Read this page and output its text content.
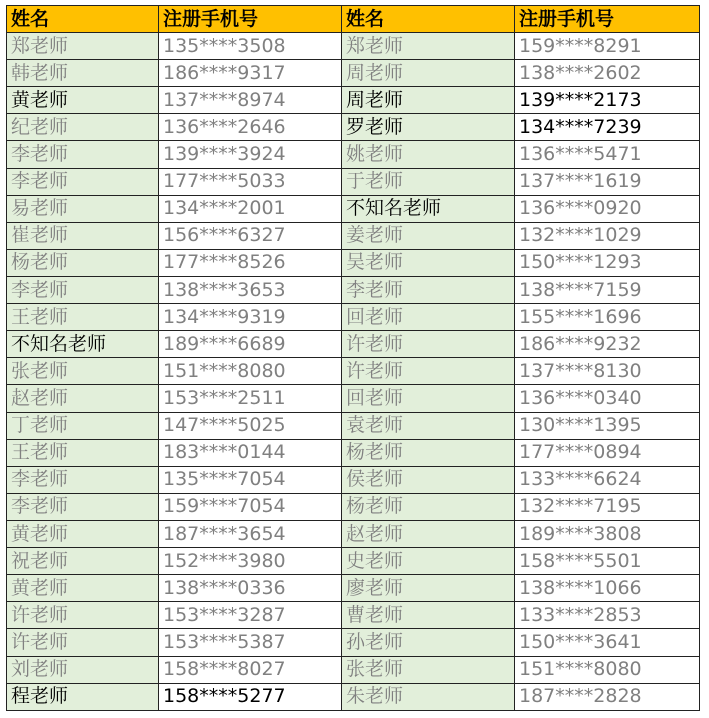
姓名	注册手机号	姓名	注册手机号
郑老师	135****3508	郑老师	159****8291
韩老师	186****9317	周老师	138****2602
黄老师	137****8974	周老师	139****2173
纪老师	136****2646	罗老师	134****7239
李老师	139****3924	姚老师	136****5471
李老师	177****5033	于老师	137****1619
易老师	134****2001	不知名老师	136****0920
崔老师	156****6327	姜老师	132****1029
杨老师	177****8526	吴老师	150****1293
李老师	138****3653	李老师	138****7159
王老师	134****9319	回老师	155****1696
不知名老师	189****6689	许老师	186****9232
张老师	151****8080	许老师	137****8130
赵老师	153****2511	回老师	136****0340
丁老师	147****5025	袁老师	130****1395
王老师	183****0144	杨老师	177****0894
李老师	135****7054	侯老师	133****6624
李老师	159****7054	杨老师	132****7195
黄老师	187****3654	赵老师	189****3808
祝老师	152****3980	史老师	158****5501
黄老师	138****0336	廖老师	138****1066
许老师	153****3287	曹老师	133****2853
许老师	153****5387	孙老师	150****3641
刘老师	158****8027	张老师	151****8080
程老师	158****5277	朱老师	187****2828
